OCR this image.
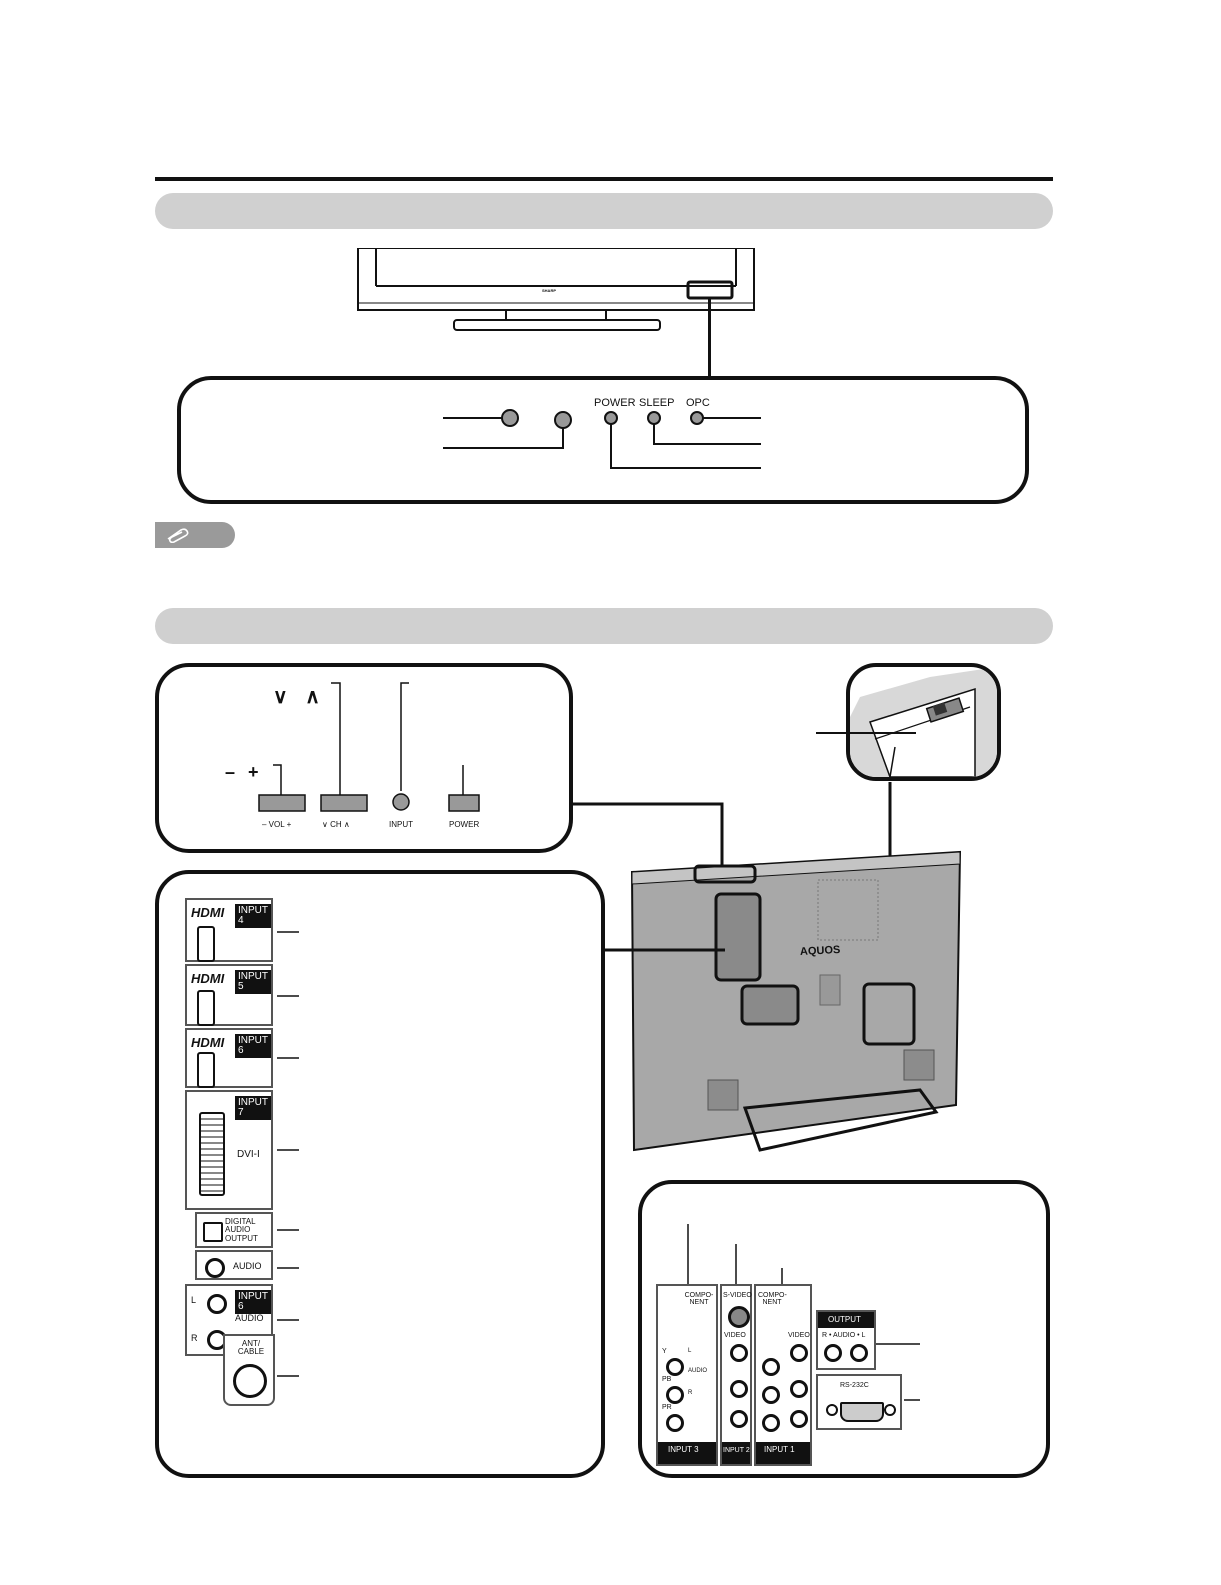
SHARP
POWER SLEEP OPC
∨ ∧
– +
– VOL +	∨ CH ∧	INPUT	POWER
AQUOS
HDMI	INPUT 4
HDMI	INPUT 5
HDMI	INPUT 6
INPUT 7
DVI-I
DIGITAL AUDIO OUTPUT
AUDIO
L
R
INPUT 6
AUDIO
ANT/ CABLE
COMPO- NENT
Y
PB
PR
L
AUDIO
R
INPUT 3
S-VIDEO
VIDEO
INPUT 2
COMPO- NENT
VIDEO
INPUT 1
OUTPUT
R • AUDIO • L
RS-232C
